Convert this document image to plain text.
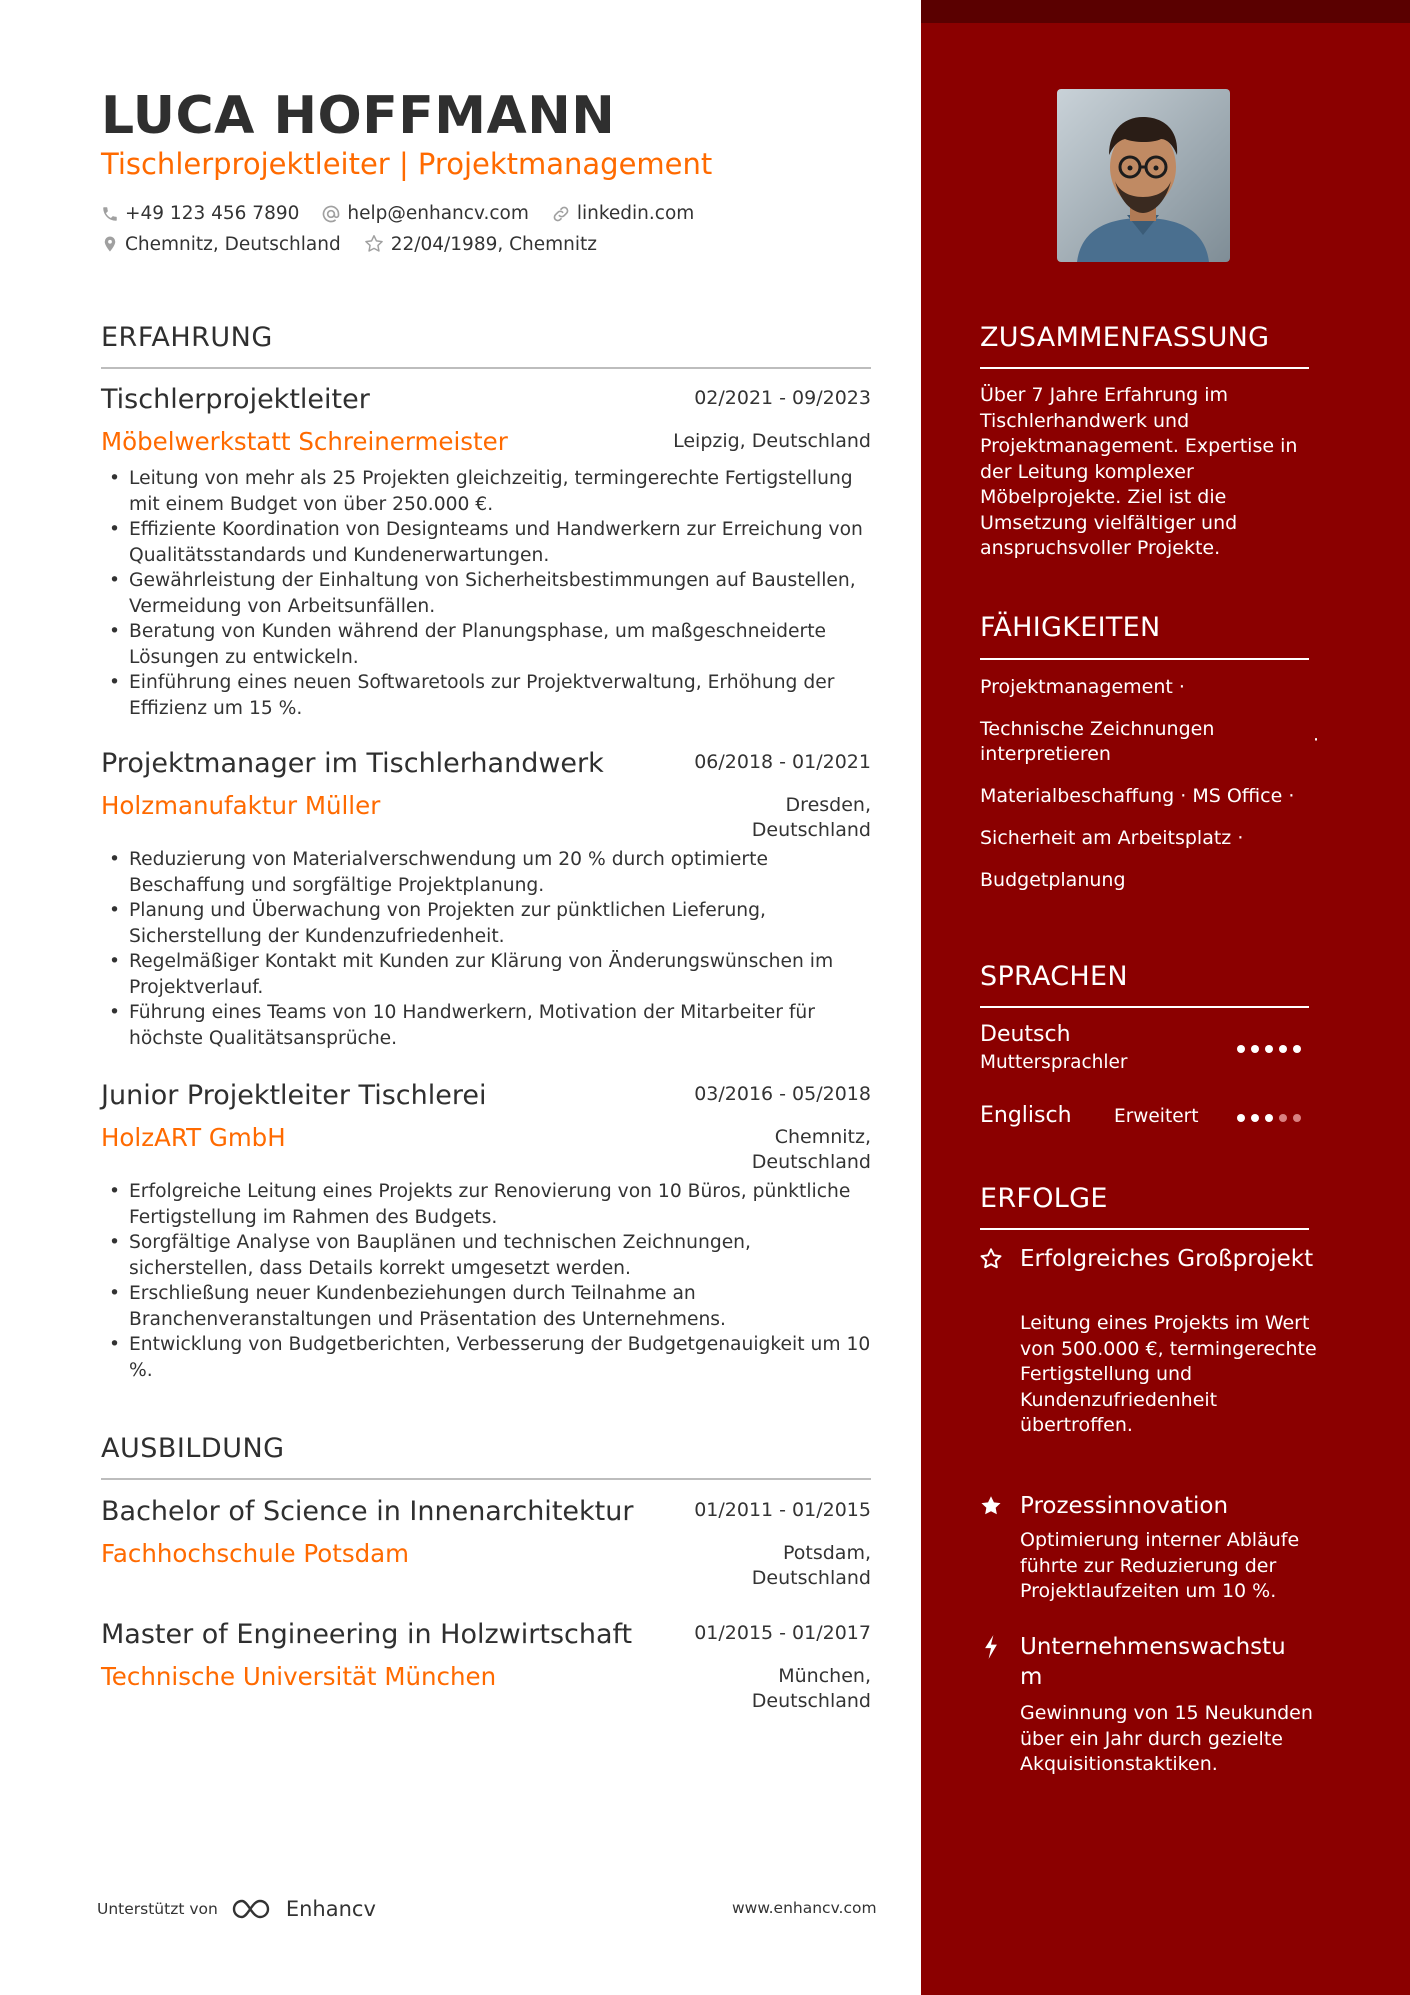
LUCA HOFFMANN
Tischlerprojektleiter | Projektmanagement
+49 123 456 7890	help@enhancv.com	linkedin.com
Chemnitz, Deutschland	22/04/1989, Chemnitz
ERFAHRUNG
Tischlerprojektleiter	02/2021 - 09/2023
Möbelwerkstatt Schreinermeister	Leipzig, Deutschland
• Leitung von mehr als 25 Projekten gleichzeitig, termingerechte Fertigstellung mit einem Budget von über 250.000 €.
• Effiziente Koordination von Designteams und Handwerkern zur Erreichung von Qualitätsstandards und Kundenerwartungen.
• Gewährleistung der Einhaltung von Sicherheitsbestimmungen auf Baustellen, Vermeidung von Arbeitsunfällen.
• Beratung von Kunden während der Planungsphase, um maßgeschneiderte Lösungen zu entwickeln.
• Einführung eines neuen Softwaretools zur Projektverwaltung, Erhöhung der Effizienz um 15 %.
Projektmanager im Tischlerhandwerk	06/2018 - 01/2021
Holzmanufaktur Müller	Dresden,
Deutschland
• Reduzierung von Materialverschwendung um 20 % durch optimierte Beschaffung und sorgfältige Projektplanung.
• Planung und Überwachung von Projekten zur pünktlichen Lieferung, Sicherstellung der Kundenzufriedenheit.
• Regelmäßiger Kontakt mit Kunden zur Klärung von Änderungswünschen im Projektverlauf.
• Führung eines Teams von 10 Handwerkern, Motivation der Mitarbeiter für höchste Qualitätsansprüche.
Junior Projektleiter Tischlerei	03/2016 - 05/2018
HolzART GmbH	Chemnitz,
Deutschland
• Erfolgreiche Leitung eines Projekts zur Renovierung von 10 Büros, pünktliche Fertigstellung im Rahmen des Budgets.
• Sorgfältige Analyse von Bauplänen und technischen Zeichnungen, sicherstellen, dass Details korrekt umgesetzt werden.
• Erschließung neuer Kundenbeziehungen durch Teilnahme an Branchenveranstaltungen und Präsentation des Unternehmens.
• Entwicklung von Budgetberichten, Verbesserung der Budgetgenauigkeit um 10 %.
AUSBILDUNG
Bachelor of Science in Innenarchitektur	01/2011 - 01/2015
Fachhochschule Potsdam	Potsdam,
Deutschland
Master of Engineering in Holzwirtschaft	01/2015 - 01/2017
Technische Universität München	München,
Deutschland
Unterstützt von	Enhancv	www.enhancv.com
ZUSAMMENFASSUNG
Über 7 Jahre Erfahrung im Tischlerhandwerk und Projektmanagement. Expertise in der Leitung komplexer Möbelprojekte. Ziel ist die Umsetzung vielfältiger und anspruchsvoller Projekte.
FÄHIGKEITEN
Projektmanagement ·
Technische Zeichnungen
interpretieren
·
Materialbeschaffung · MS Office ·
Sicherheit am Arbeitsplatz ·
Budgetplanung
SPRACHEN
Deutsch
Muttersprachler
Englisch Erweitert
ERFOLGE
Erfolgreiches Großprojekt
Leitung eines Projekts im Wert von 500.000 €, termingerechte Fertigstellung und Kundenzufriedenheit übertroffen.
Prozessinnovation
Optimierung interner Abläufe führte zur Reduzierung der Projektlaufzeiten um 10 %.
Unternehmenswachstu
m
Gewinnung von 15 Neukunden über ein Jahr durch gezielte Akquisitionstaktiken.
